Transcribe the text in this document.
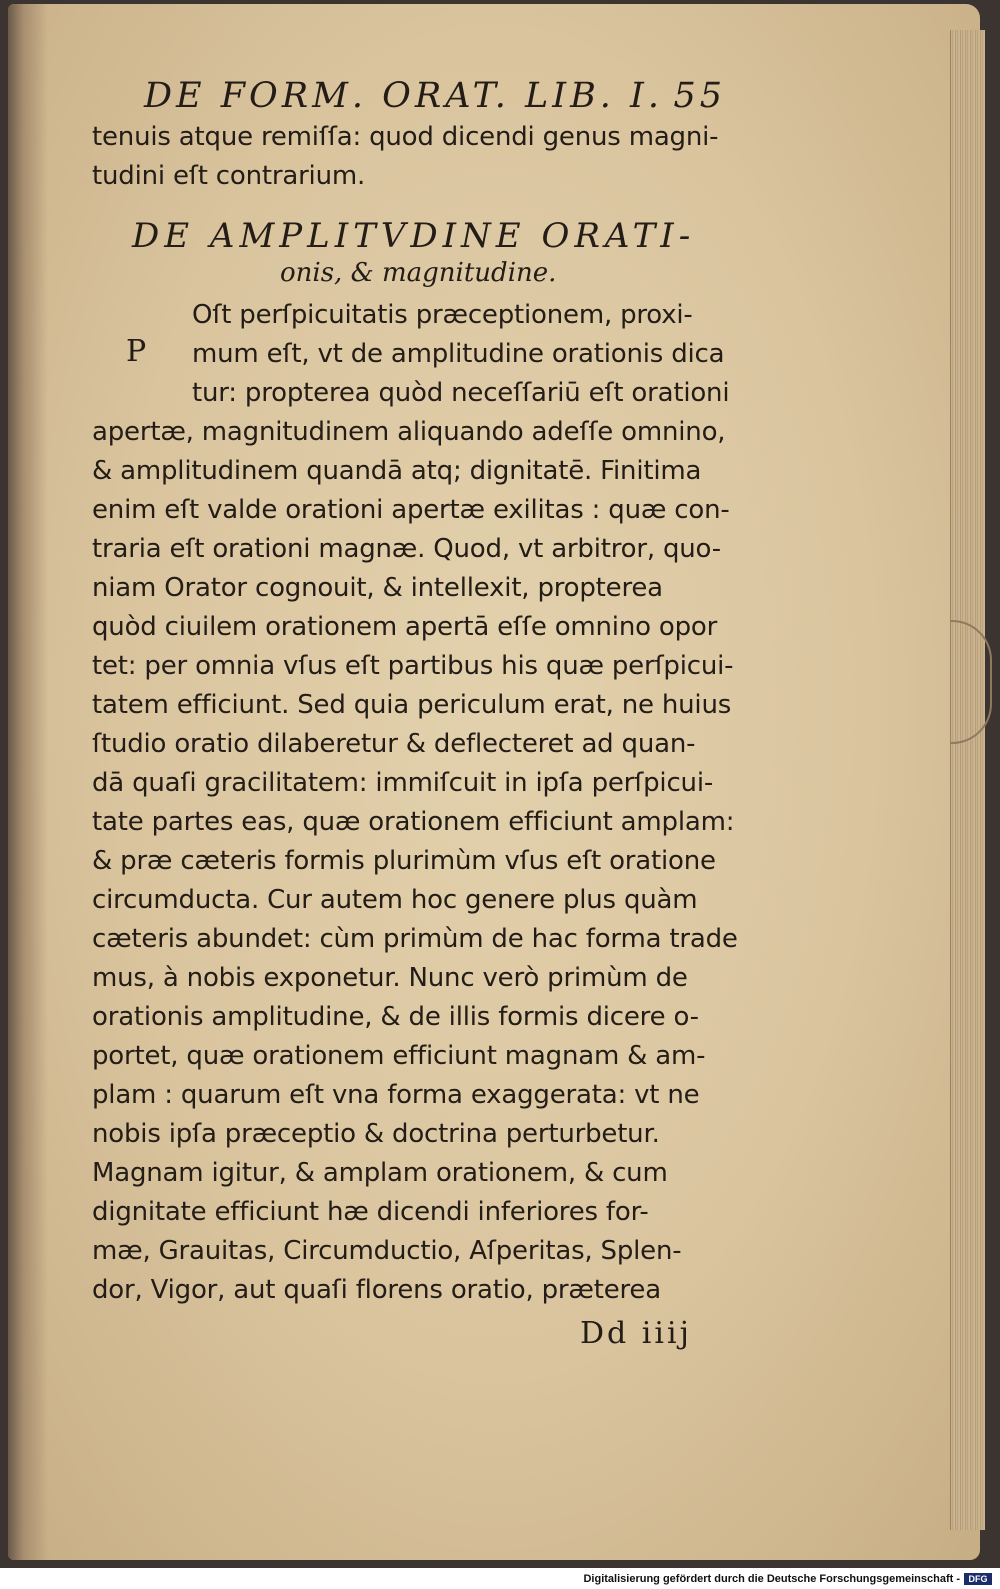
DE FORM. ORAT. LIB. I. 55
tenuis atque remiſſa: quod dicendi genus magni-
tudini eſt contrarium.
DE AMPLITVDINE ORATI-
onis, & magnitudine.
P
Oſt perſpicuitatis præceptionem, proxi-
mum eſt, vt de amplitudine orationis dica
tur: propterea quòd neceſſariū eſt orationi
apertæ, magnitudinem aliquando adeſſe omnino,
& amplitudinem quandā atq; dignitatē. Finitima
enim eſt valde orationi apertæ exilitas : quæ con-
traria eſt orationi magnæ. Quod, vt arbitror, quo-
niam Orator cognouit, & intellexit, propterea
quòd ciuilem orationem apertā eſſe omnino opor
tet: per omnia vſus eſt partibus his quæ perſpicui-
tatem efficiunt. Sed quia periculum erat, ne huius
ſtudio oratio dilaberetur & deflecteret ad quan-
dā quaſi gracilitatem: immiſcuit in ipſa perſpicui-
tate partes eas, quæ orationem efficiunt amplam:
& præ cæteris formis plurimùm vſus eſt oratione
circumducta. Cur autem hoc genere plus quàm
cæteris abundet: cùm primùm de hac forma trade
mus, à nobis exponetur. Nunc verò primùm de
orationis amplitudine, & de illis formis dicere o-
portet, quæ orationem efficiunt magnam & am-
plam : quarum eſt vna forma exaggerata: vt ne
nobis ipſa præceptio & doctrina perturbetur.
Magnam igitur, & amplam orationem, & cum
dignitate efficiunt hæ dicendi inferiores for-
mæ, Grauitas, Circumductio, Aſperitas, Splen-
dor, Vigor, aut quaſi florens oratio, præterea
Dd iiij
Digitalisierung gefördert durch die Deutsche Forschungsgemeinschaft - DFG
